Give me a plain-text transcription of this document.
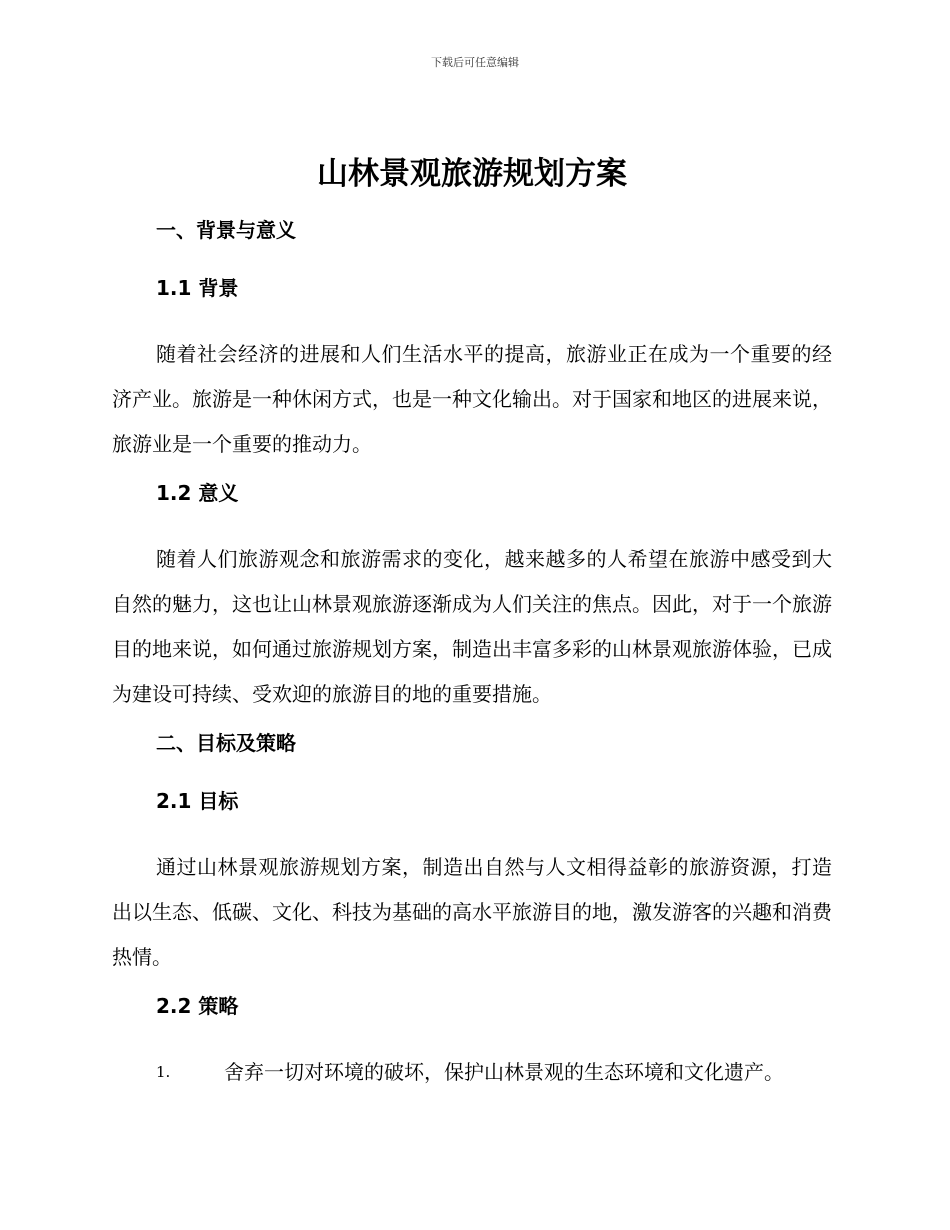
下载后可任意编辑
山林景观旅游规划方案
一、背景与意义
1.1 背景

随着社会经济的进展和人们生活水平的提高，旅游业正在成为一个重要的经济产业。旅游是一种休闲方式，也是一种文化输出。对于国家和地区的进展来说，旅游业是一个重要的推动力。

1.2 意义

随着人们旅游观念和旅游需求的变化，越来越多的人希望在旅游中感受到大自然的魅力，这也让山林景观旅游逐渐成为人们关注的焦点。因此，对于一个旅游目的地来说，如何通过旅游规划方案，制造出丰富多彩的山林景观旅游体验，已成为建设可持续、受欢迎的旅游目的地的重要措施。

二、目标及策略
2.1 目标

通过山林景观旅游规划方案，制造出自然与人文相得益彰的旅游资源，打造出以生态、低碳、文化、科技为基础的高水平旅游目的地，激发游客的兴趣和消费热情。

2.2 策略
1.	舍弃一切对环境的破坏，保护山林景观的生态环境和文化遗产。
